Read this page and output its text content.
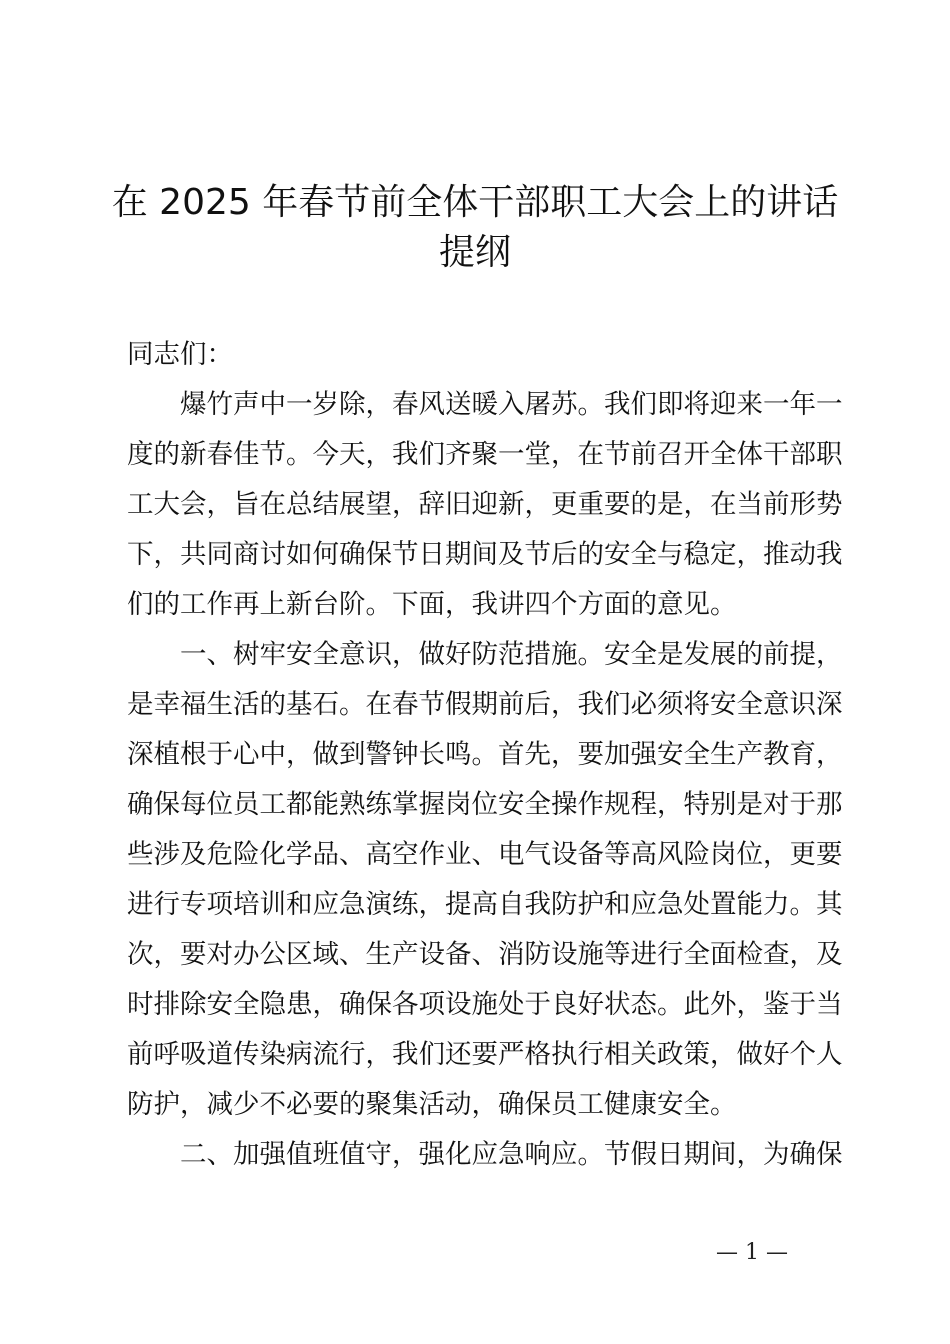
在 2025 年春节前全体干部职工大会上的讲话
提纲

同志们：

爆竹声中一岁除，春风送暖入屠苏。我们即将迎来一年一

度的新春佳节。今天，我们齐聚一堂，在节前召开全体干部职

工大会，旨在总结展望，辞旧迎新，更重要的是，在当前形势

下，共同商讨如何确保节日期间及节后的安全与稳定，推动我

们的工作再上新台阶。下面，我讲四个方面的意见。

一、树牢安全意识，做好防范措施。安全是发展的前提，

是幸福生活的基石。在春节假期前后，我们必须将安全意识深

深植根于心中，做到警钟长鸣。首先，要加强安全生产教育，

确保每位员工都能熟练掌握岗位安全操作规程，特别是对于那

些涉及危险化学品、高空作业、电气设备等高风险岗位，更要

进行专项培训和应急演练，提高自我防护和应急处置能力。其

次，要对办公区域、生产设备、消防设施等进行全面检查，及

时排除安全隐患，确保各项设施处于良好状态。此外，鉴于当

前呼吸道传染病流行，我们还要严格执行相关政策，做好个人

防护，减少不必要的聚集活动，确保员工健康安全。

二、加强值班值守，强化应急响应。节假日期间，为确保

— 1 —
